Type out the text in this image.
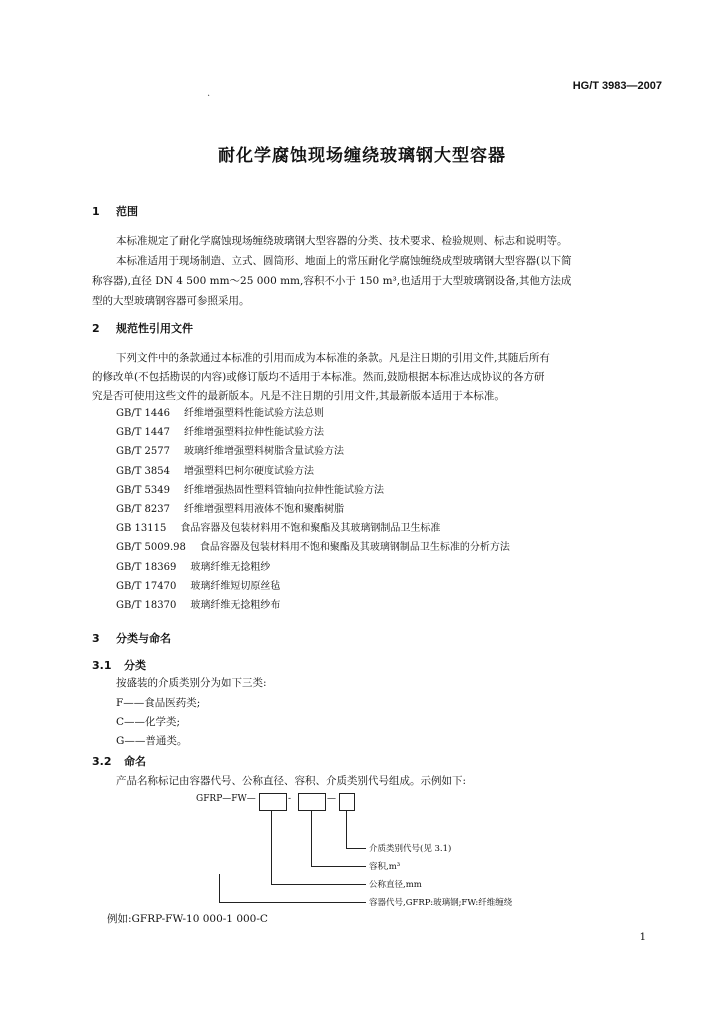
HG/T 3983—2007
.
耐化学腐蚀现场缠绕玻璃钢大型容器
1 范围
本标准规定了耐化学腐蚀现场缠绕玻璃钢大型容器的分类、技术要求、检验规则、标志和说明等。
本标准适用于现场制造、立式、圆筒形、地面上的常压耐化学腐蚀缠绕成型玻璃钢大型容器(以下简
称容器),直径 DN 4 500 mm～25 000 mm,容积不小于 150 m³,也适用于大型玻璃钢设备,其他方法成
型的大型玻璃钢容器可参照采用。
2 规范性引用文件
下列文件中的条款通过本标准的引用而成为本标准的条款。凡是注日期的引用文件,其随后所有
的修改单(不包括勘误的内容)或修订版均不适用于本标准。然而,鼓励根据本标准达成协议的各方研
究是否可使用这些文件的最新版本。凡是不注日期的引用文件,其最新版本适用于本标准。
GB/T 1446 纤维增强塑料性能试验方法总则
GB/T 1447 纤维增强塑料拉伸性能试验方法
GB/T 2577 玻璃纤维增强塑料树脂含量试验方法
GB/T 3854 增强塑料巴柯尔硬度试验方法
GB/T 5349 纤维增强热固性塑料管轴向拉伸性能试验方法
GB/T 8237 纤维增强塑料用液体不饱和聚酯树脂
GB 13115 食品容器及包装材料用不饱和聚酯及其玻璃钢制品卫生标准
GB/T 5009.98 食品容器及包装材料用不饱和聚酯及其玻璃钢制品卫生标准的分析方法
GB/T 18369 玻璃纤维无捻粗纱
GB/T 17470 玻璃纤维短切原丝毡
GB/T 18370 玻璃纤维无捻粗纱布
3 分类与命名
3.1 分类
按盛装的介质类别分为如下三类:
F——食品医药类;
C——化学类;
G——普通类。
3.2 命名
产品名称标记由容器代号、公称直径、容积、介质类别代号组成。示例如下:
GFRP—FW—	-	—
介质类别代号(见 3.1)
容积,m³
公称直径,mm
容器代号,GFRP:玻璃钢;FW:纤维缠绕
例如:GFRP-FW-10 000-1 000-C
1
